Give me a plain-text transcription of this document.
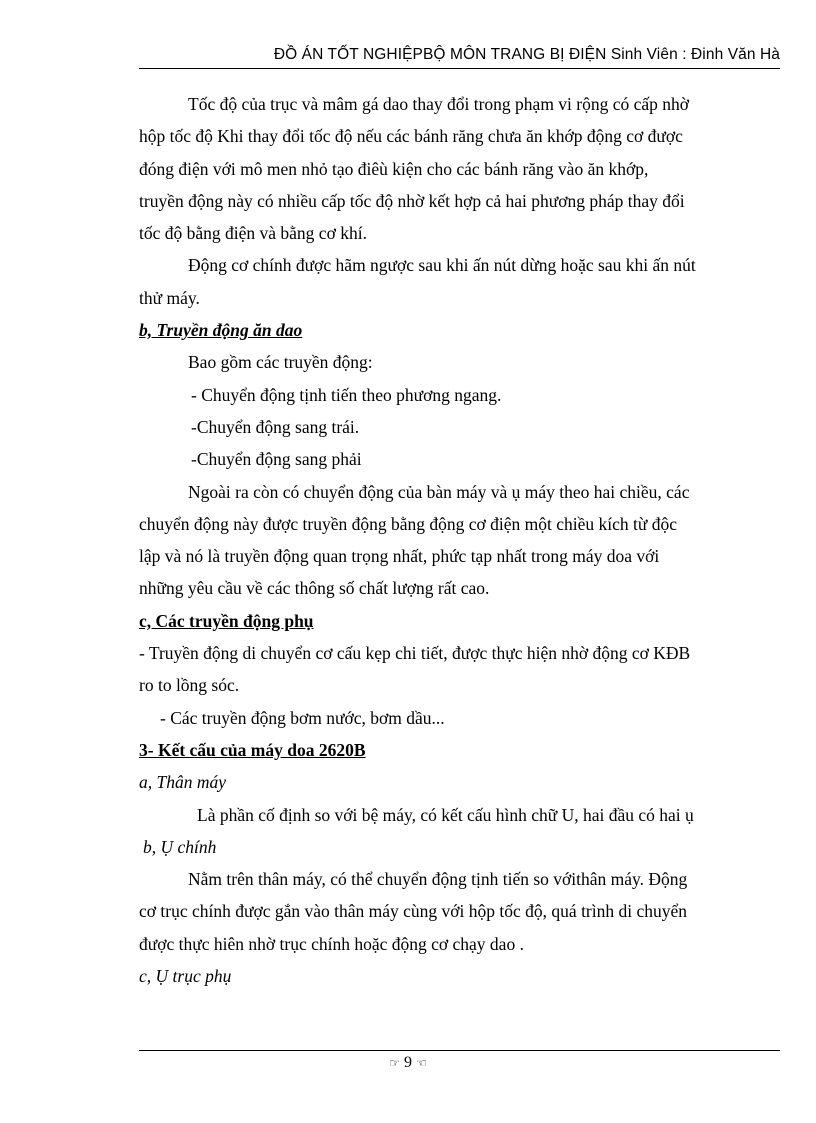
ĐỒ ÁN TỐT NGHIỆPBỘ MÔN TRANG BỊ ĐIỆN Sinh Viên : Đinh Văn Hà
Tốc độ của trục và mâm gá dao thay đổi trong phạm vi rộng có cấp nhờ
hộp tốc độ Khi thay đổi tốc độ nếu các bánh răng chưa ăn khớp động cơ được
đóng điện với mô men nhỏ tạo điêù kiện cho các bánh răng vào ăn khớp,
truyền động này có nhiều cấp tốc độ nhờ kết hợp cả hai phương pháp thay đổi
tốc độ bằng điện và bằng cơ khí.
Động cơ chính được hãm ngược sau khi ấn nút dừng hoặc sau khi ấn nút
thử máy.
b, Truyền động ăn dao
Bao gồm các truyền động:
- Chuyển động tịnh tiến theo phương ngang.
-Chuyển động sang trái.
-Chuyển động sang phải
Ngoài ra còn có chuyển động của bàn máy và ụ máy theo hai chiều, các
chuyển động này được truyền động bằng động cơ điện một chiều kích từ độc
lập và nó là truyền động quan trọng nhất, phức tạp nhất trong máy doa với
những yêu cầu về các thông số chất lượng rất cao.
c, Các truyền động phụ
- Truyền động di chuyển cơ cấu kẹp chi tiết, được thực hiện nhờ động cơ KĐB
ro to lồng sóc.
- Các truyền động bơm nước, bơm dầu...
3- Kết cấu của máy doa 2620B
a, Thân máy
Là phần cố định so với bệ máy, có kết cấu hình chữ U, hai đầu có hai ụ
b, Ụ chính
Nằm trên thân máy, có thể chuyển động tịnh tiến so vớithân máy. Động
cơ trục chính được gắn vào thân máy cùng với hộp tốc độ, quá trình di chuyển
được thực hiên nhờ trục chính hoặc động cơ chạy dao .
c, Ụ trục phụ
☞ 9 ☜
